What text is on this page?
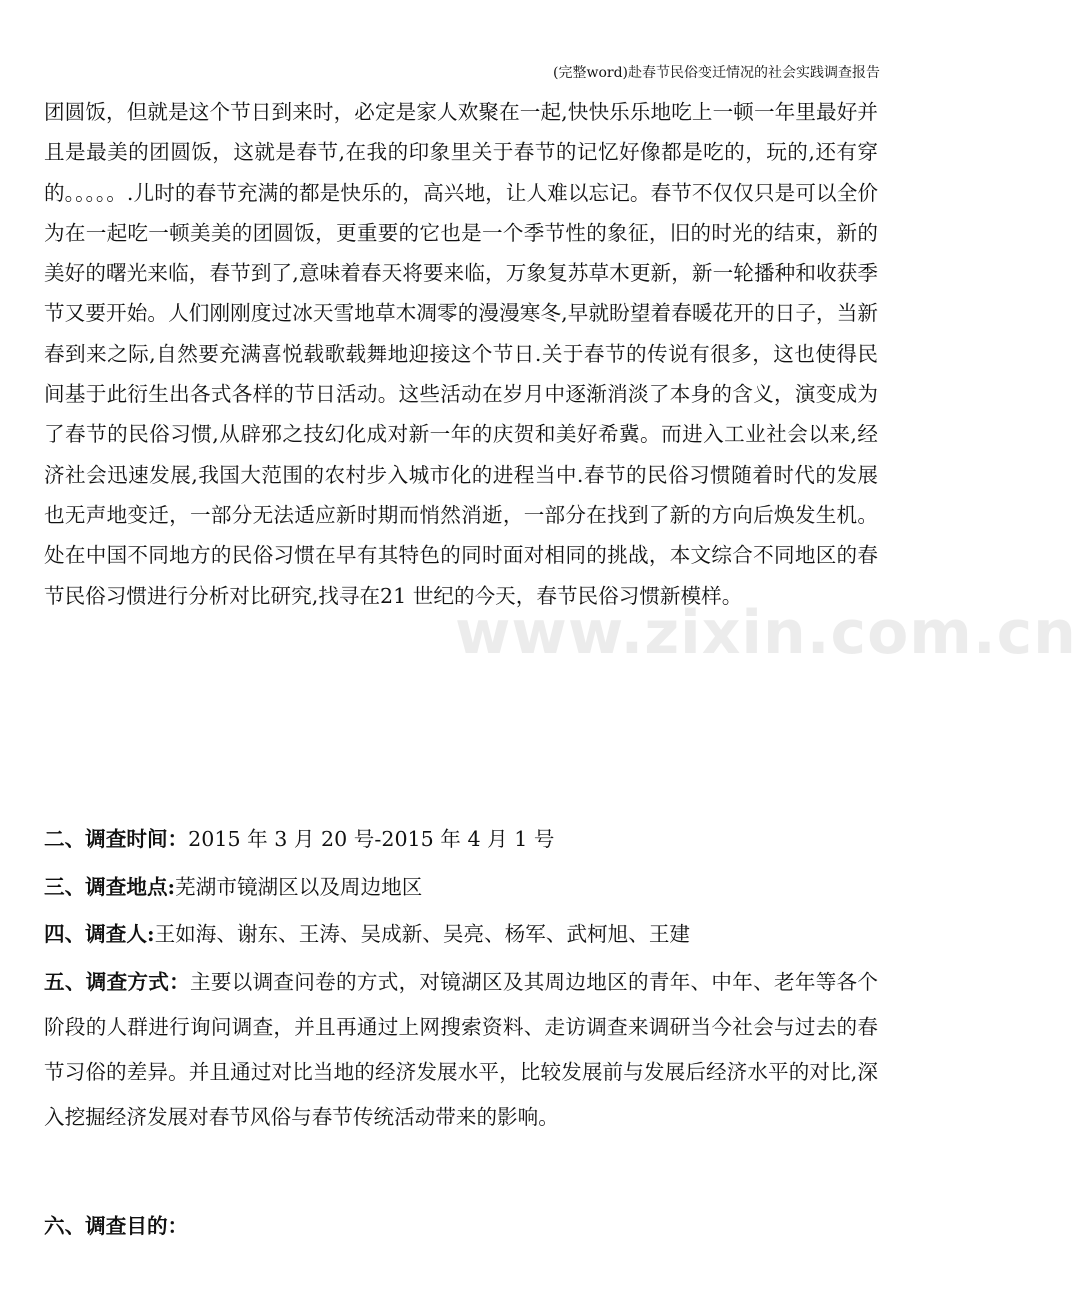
(完整word)赴春节民俗变迁情况的社会实践调查报告

团圆饭，但就是这个节日到来时，必定是家人欢聚在一起,快快乐乐地吃上一顿一年里最好并且是最美的团圆饭，这就是春节,在我的印象里关于春节的记忆好像都是吃的，玩的,还有穿的。。。。。.儿时的春节充满的都是快乐的，高兴地，让人难以忘记。春节不仅仅只是可以全价为在一起吃一顿美美的团圆饭，更重要的它也是一个季节性的象征，旧的时光的结束，新的美好的曙光来临，春节到了,意味着春天将要来临，万象复苏草木更新，新一轮播种和收获季节又要开始。人们刚刚度过冰天雪地草木凋零的漫漫寒冬,早就盼望着春暖花开的日子，当新春到来之际,自然要充满喜悦载歌载舞地迎接这个节日.关于春节的传说有很多，这也使得民间基于此衍生出各式各样的节日活动。这些活动在岁月中逐渐消淡了本身的含义，演变成为了春节的民俗习惯,从辟邪之技幻化成对新一年的庆贺和美好希冀。而进入工业社会以来,经济社会迅速发展,我国大范围的农村步入城市化的进程当中.春节的民俗习惯随着时代的发展也无声地变迁，一部分无法适应新时期而悄然消逝，一部分在找到了新的方向后焕发生机。处在中国不同地方的民俗习惯在早有其特色的同时面对相同的挑战，本文综合不同地区的春节民俗习惯进行分析对比研究,找寻在21 世纪的今天，春节民俗习惯新模样。

二、调查时间：2015 年 3 月 20 号-2015 年 4 月 1 号
三、调查地点:芜湖市镜湖区以及周边地区
四、调查人:王如海、谢东、王涛、吴成新、吴亮、杨军、武柯旭、王建

五、调查方式：主要以调查问卷的方式，对镜湖区及其周边地区的青年、中年、老年等各个阶段的人群进行询问调查，并且再通过上网搜索资料、走访调查来调研当今社会与过去的春节习俗的差异。并且通过对比当地的经济发展水平，比较发展前与发展后经济水平的对比,深入挖掘经济发展对春节风俗与春节传统活动带来的影响。

六、调查目的：
www.zixin.com.cn
